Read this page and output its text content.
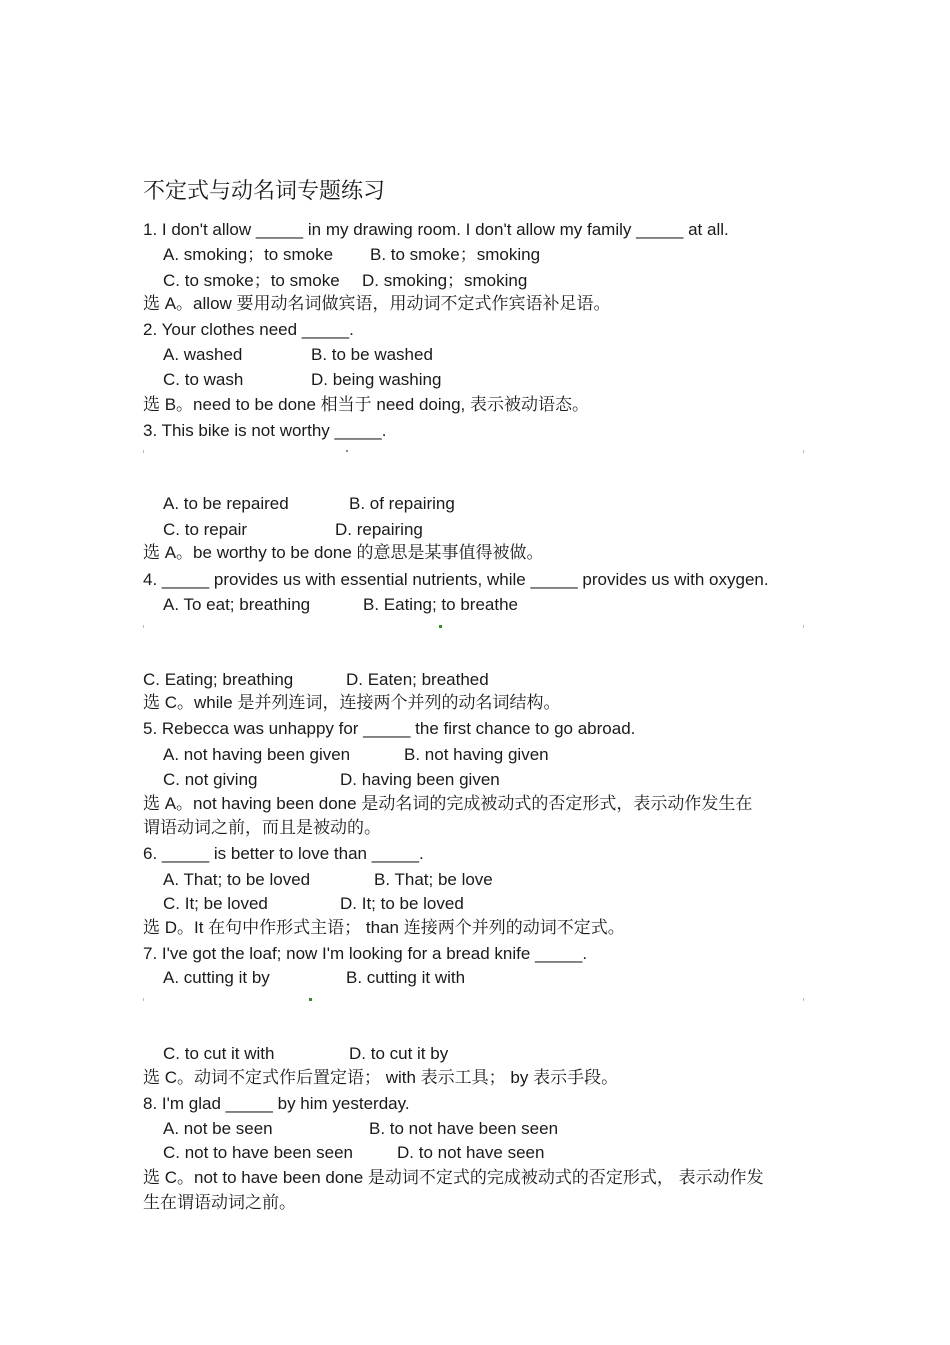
不定式与动名词专题练习
1. I don't allow _____ in my drawing room. I don't allow my family _____ at all.
A. smoking；to smoke B. to smoke；smoking
C. to smoke；to smoke D. smoking；smoking
选 A。allow 要用动名词做宾语，用动词不定式作宾语补足语。
2. Your clothes need _____.
A. washed	B. to be washed
C. to wash	D. being washing
选 B。need to be done 相当于 need doing, 表示被动语态。
3. This bike is not worthy _____.
A. to be repaired	B. of repairing
C. to repair	D. repairing
选 A。be worthy to be done 的意思是某事值得被做。
4. _____ provides us with essential nutrients, while _____ provides us with oxygen.
A. To eat; breathing	B. Eating; to breathe
C. Eating; breathing	D. Eaten; breathed
选 C。while 是并列连词，连接两个并列的动名词结构。
5. Rebecca was unhappy for _____ the first chance to go abroad.
A. not having been given	B. not having given
C. not giving	D. having been given
选 A。not having been done 是动名词的完成被动式的否定形式，表示动作发生在
谓语动词之前，而且是被动的。
6. _____ is better to love than _____.
A. That; to be loved	B. That; be love
C. It; be loved	D. It; to be loved
选 D。It 在句中作形式主语； than 连接两个并列的动词不定式。
7. I've got the loaf; now I'm looking for a bread knife _____.
A. cutting it by	B. cutting it with
C. to cut it with	D. to cut it by
选 C。动词不定式作后置定语； with 表示工具； by 表示手段。
8. I'm glad _____ by him yesterday.
A. not be seen	B. to not have been seen
C. not to have been seen	D. to not have seen
选 C。not to have been done 是动词不定式的完成被动式的否定形式， 表示动作发
生在谓语动词之前。
